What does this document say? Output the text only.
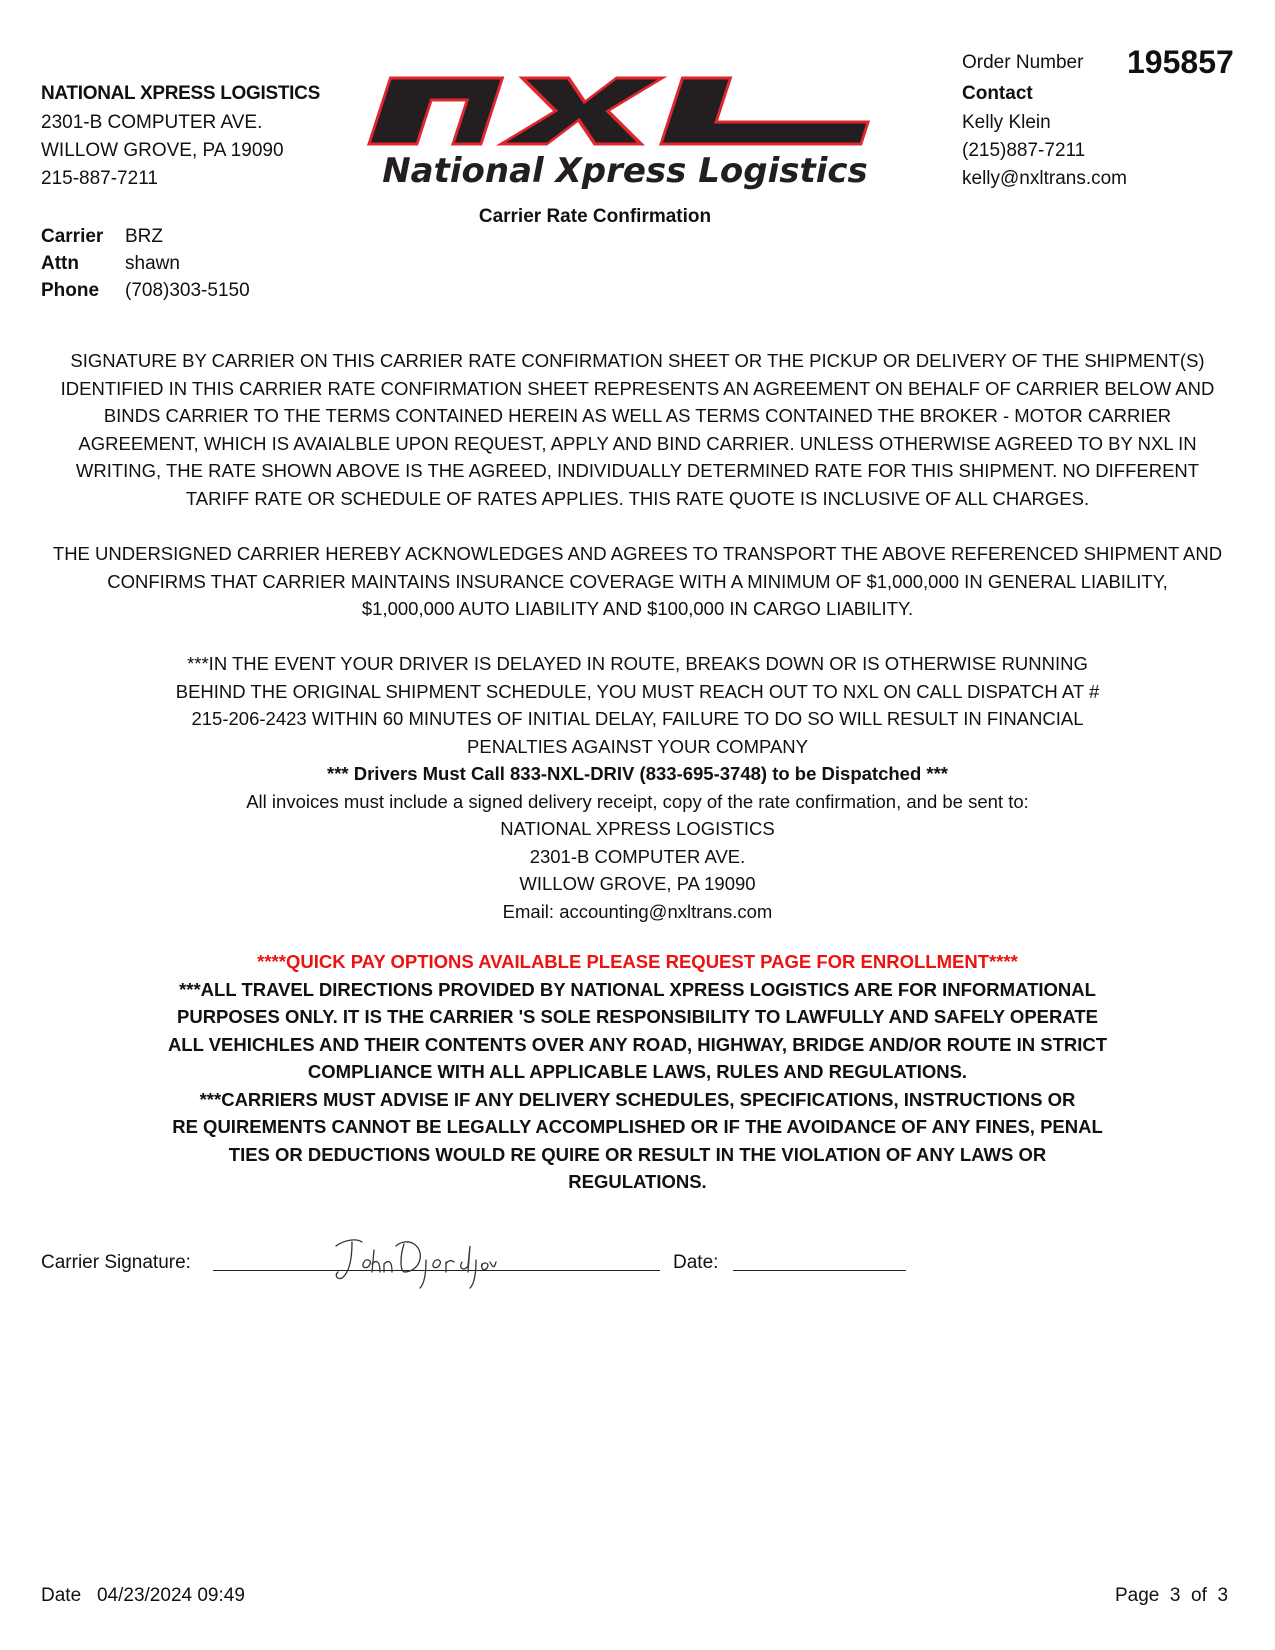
NATIONAL XPRESS LOGISTICS
2301-B COMPUTER AVE.
WILLOW GROVE, PA 19090
215-887-7211	National Xpress Logistics
Order Number 195857
Contact
Kelly Klein
(215)887-7211
kelly@nxltrans.com
Carrier Rate Confirmation
Carrier BRZ
Attn shawn
Phone (708)303-5150

SIGNATURE BY CARRIER ON THIS CARRIER RATE CONFIRMATION SHEET OR THE PICKUP OR DELIVERY OF THE SHIPMENT(S)

IDENTIFIED IN THIS CARRIER RATE CONFIRMATION SHEET REPRESENTS AN AGREEMENT ON BEHALF OF CARRIER BELOW AND

BINDS CARRIER TO THE TERMS CONTAINED HEREIN AS WELL AS TERMS CONTAINED THE BROKER - MOTOR CARRIER

AGREEMENT, WHICH IS AVAIALBLE UPON REQUEST, APPLY AND BIND CARRIER. UNLESS OTHERWISE AGREED TO BY NXL IN

WRITING, THE RATE SHOWN ABOVE IS THE AGREED, INDIVIDUALLY DETERMINED RATE FOR THIS SHIPMENT. NO DIFFERENT

TARIFF RATE OR SCHEDULE OF RATES APPLIES. THIS RATE QUOTE IS INCLUSIVE OF ALL CHARGES.

THE UNDERSIGNED CARRIER HEREBY ACKNOWLEDGES AND AGREES TO TRANSPORT THE ABOVE REFERENCED SHIPMENT AND

CONFIRMS THAT CARRIER MAINTAINS INSURANCE COVERAGE WITH A MINIMUM OF $1,000,000 IN GENERAL LIABILITY,

$1,000,000 AUTO LIABILITY AND $100,000 IN CARGO LIABILITY.

***IN THE EVENT YOUR DRIVER IS DELAYED IN ROUTE, BREAKS DOWN OR IS OTHERWISE RUNNING

BEHIND THE ORIGINAL SHIPMENT SCHEDULE, YOU MUST REACH OUT TO NXL ON CALL DISPATCH AT #

215-206-2423 WITHIN 60 MINUTES OF INITIAL DELAY, FAILURE TO DO SO WILL RESULT IN FINANCIAL

PENALTIES AGAINST YOUR COMPANY

*** Drivers Must Call 833-NXL-DRIV (833-695-3748) to be Dispatched ***

All invoices must include a signed delivery receipt, copy of the rate confirmation, and be sent to:

NATIONAL XPRESS LOGISTICS

2301-B COMPUTER AVE.

WILLOW GROVE, PA 19090

Email: accounting@nxltrans.com

****QUICK PAY OPTIONS AVAILABLE PLEASE REQUEST PAGE FOR ENROLLMENT****

***ALL TRAVEL DIRECTIONS PROVIDED BY NATIONAL XPRESS LOGISTICS ARE FOR INFORMATIONAL

PURPOSES ONLY. IT IS THE CARRIER 'S SOLE RESPONSIBILITY TO LAWFULLY AND SAFELY OPERATE

ALL VEHICHLES AND THEIR CONTENTS OVER ANY ROAD, HIGHWAY, BRIDGE AND/OR ROUTE IN STRICT

COMPLIANCE WITH ALL APPLICABLE LAWS, RULES AND REGULATIONS.

***CARRIERS MUST ADVISE IF ANY DELIVERY SCHEDULES, SPECIFICATIONS, INSTRUCTIONS OR

RE QUIREMENTS CANNOT BE LEGALLY ACCOMPLISHED OR IF THE AVOIDANCE OF ANY FINES, PENAL

TIES OR DEDUCTIONS WOULD RE QUIRE OR RESULT IN THE VIOLATION OF ANY LAWS OR

REGULATIONS.

Carrier Signature:	Date:
Date 04/23/2024 09:49	Page  3  of  3
